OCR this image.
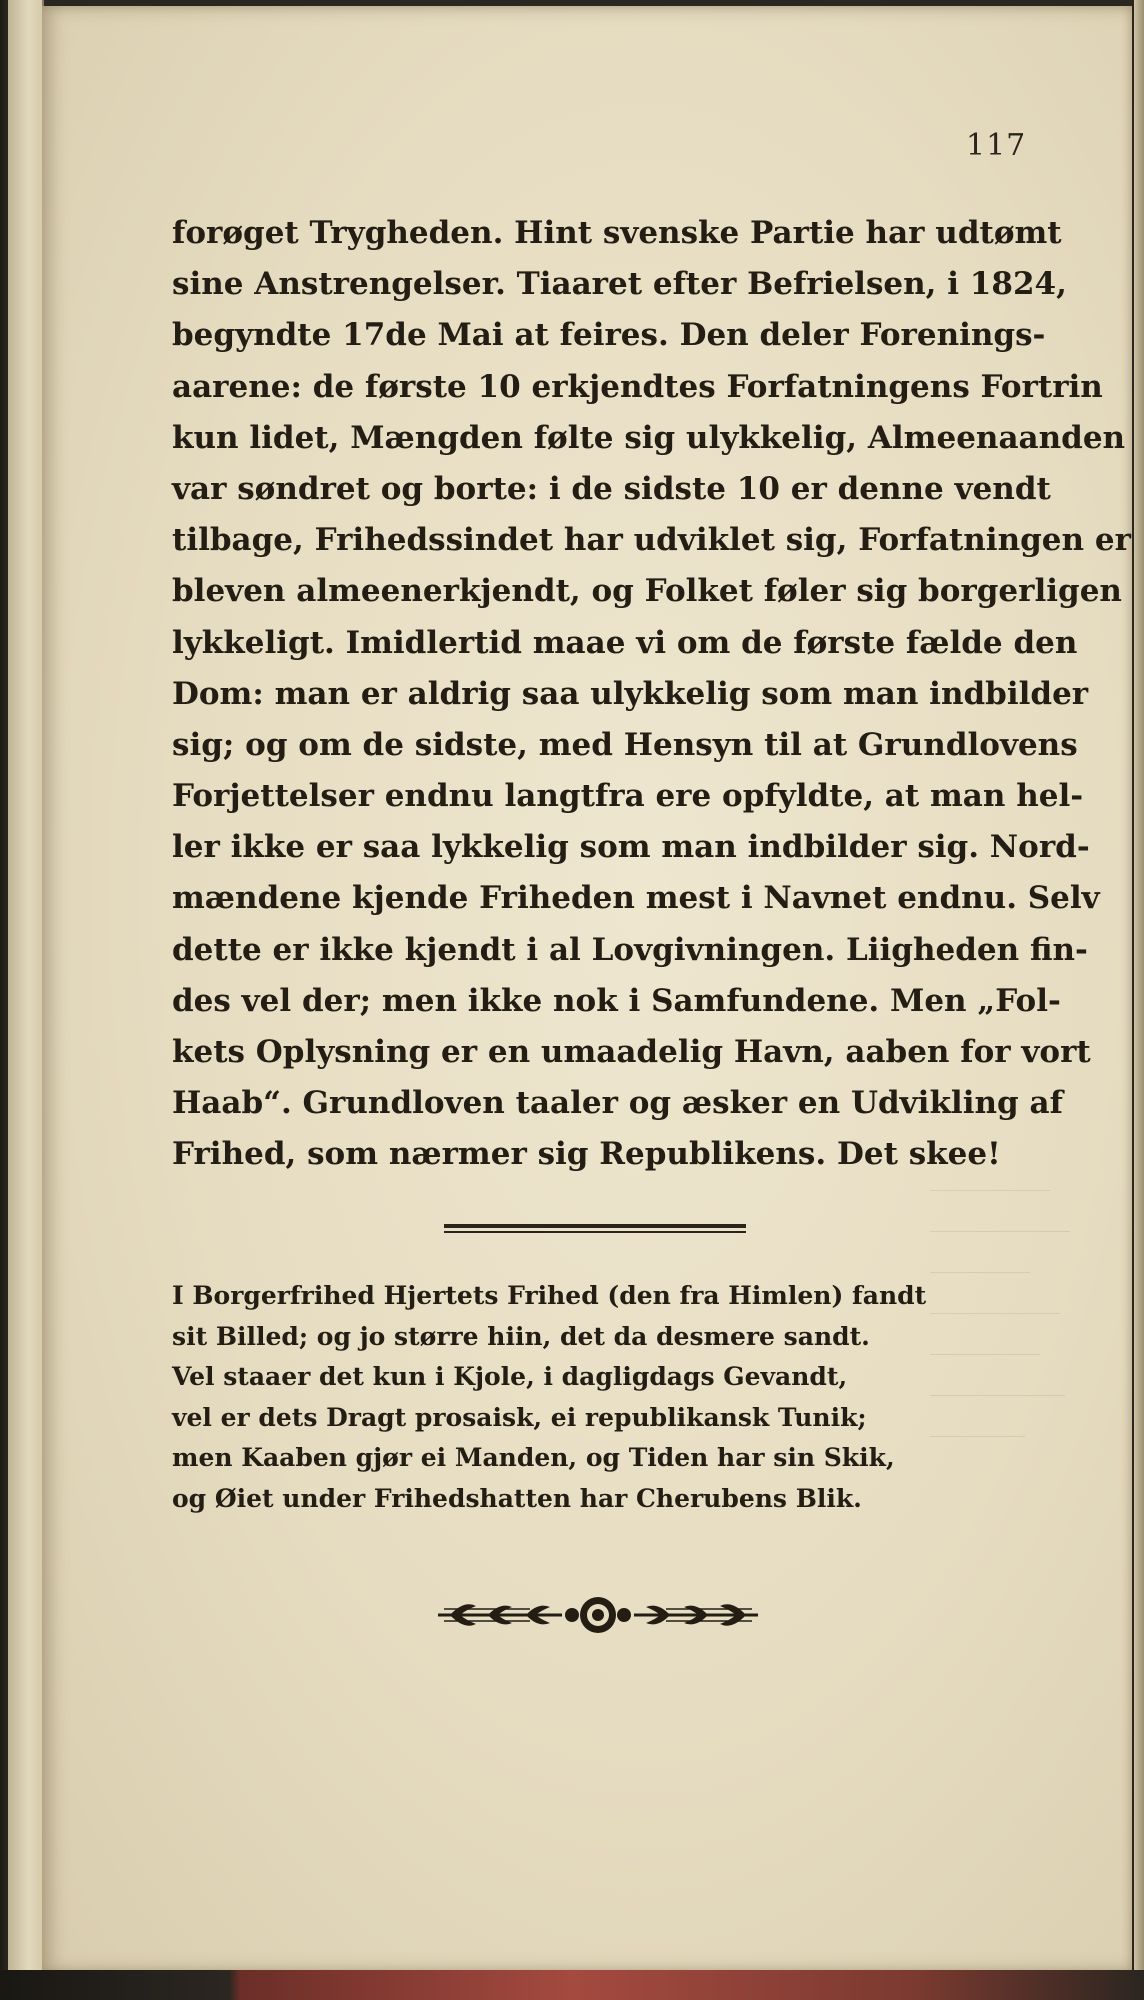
117
forøget Trygheden. Hint svenske Partie har udtømt
sine Anstrengelser. Tiaaret efter Befrielsen, i 1824,
begyndte 17de Mai at feires. Den deler Forenings-
aarene: de første 10 erkjendtes Forfatningens Fortrin
kun lidet, Mængden følte sig ulykkelig, Almeenaanden
var søndret og borte: i de sidste 10 er denne vendt
tilbage, Frihedssindet har udviklet sig, Forfatningen er
bleven almeenerkjendt, og Folket føler sig borgerligen
lykkeligt. Imidlertid maae vi om de første fælde den
Dom: man er aldrig saa ulykkelig som man indbilder
sig; og om de sidste, med Hensyn til at Grundlovens
Forjettelser endnu langtfra ere opfyldte, at man hel-
ler ikke er saa lykkelig som man indbilder sig. Nord-
mændene kjende Friheden mest i Navnet endnu. Selv
dette er ikke kjendt i al Lovgivningen. Liigheden fin-
des vel der; men ikke nok i Samfundene. Men „Fol-
kets Oplysning er en umaadelig Havn, aaben for vort
Haab“. Grundloven taaler og æsker en Udvikling af
Frihed, som nærmer sig Republikens. Det skee!
I Borgerfrihed Hjertets Frihed (den fra Himlen) fandt
sit Billed; og jo større hiin, det da desmere sandt.
Vel staaer det kun i Kjole, i dagligdags Gevandt,
vel er dets Dragt prosaisk, ei republikansk Tunik;
men Kaaben gjør ei Manden, og Tiden har sin Skik,
og Øiet under Frihedshatten har Cherubens Blik.
